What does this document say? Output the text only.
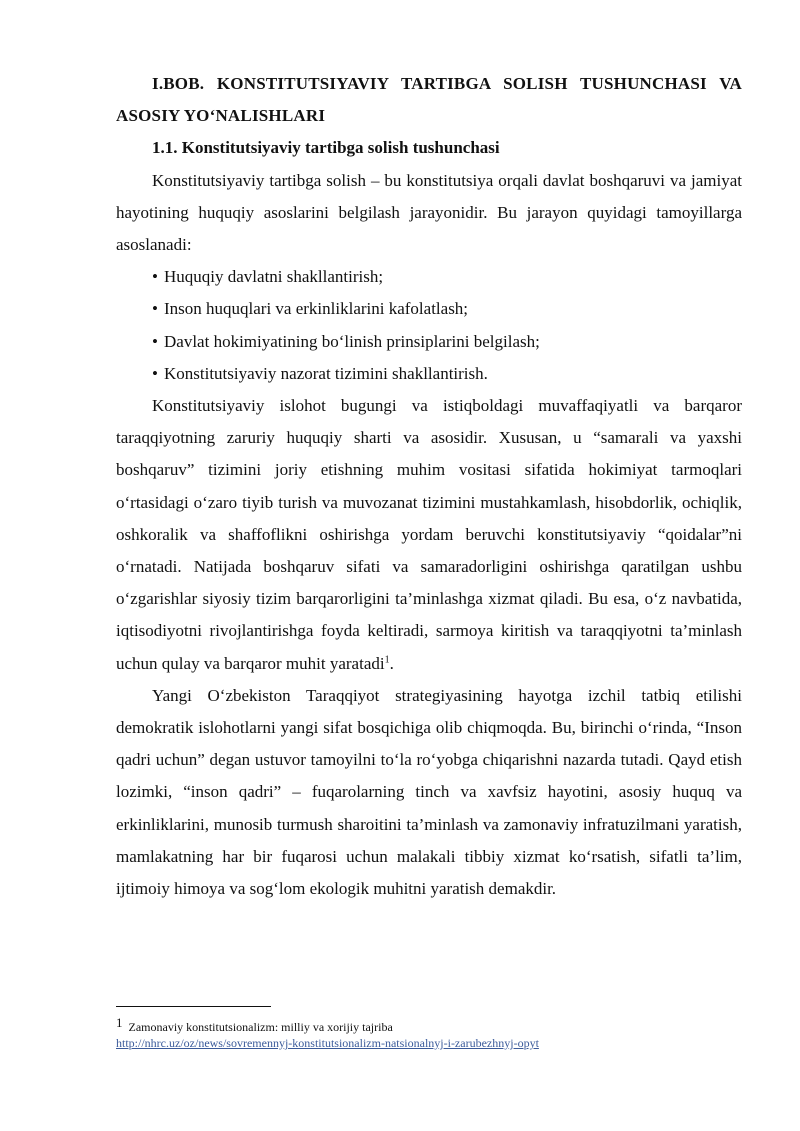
I.BOB. KONSTITUTSIYAVIY TARTIBGA SOLISH TUSHUNCHASI VA ASOSIY YO‘NALISHLARI

1.1. Konstitutsiyaviy tartibga solish tushunchasi

Konstitutsiyaviy tartibga solish – bu konstitutsiya orqali davlat boshqaruvi va jamiyat hayotining huquqiy asoslarini belgilash jarayonidir. Bu jarayon quyidagi tamoyillarga asoslanadi:

• Huquqiy davlatni shakllantirish;
• Inson huquqlari va erkinliklarini kafolatlash;
• Davlat hokimiyatining bo‘linish prinsiplarini belgilash;
• Konstitutsiyaviy nazorat tizimini shakllantirish.

Konstitutsiyaviy islohot bugungi va istiqboldagi muvaffaqiyatli va barqaror taraqqiyotning zaruriy huquqiy sharti va asosidir. Xususan, u “samarali va yaxshi boshqaruv” tizimini joriy etishning muhim vositasi sifatida hokimiyat tarmoqlari o‘rtasidagi o‘zaro tiyib turish va muvozanat tizimini mustahkamlash, hisobdorlik, ochiqlik, oshkoralik va shaffoflikni oshirishga yordam beruvchi konstitutsiyaviy “qoidalar”ni o‘rnatadi. Natijada boshqaruv sifati va samaradorligini oshirishga qaratilgan ushbu o‘zgarishlar siyosiy tizim barqarorligini ta’minlashga xizmat qiladi. Bu esa, o‘z navbatida, iqtisodiyotni rivojlantirishga foyda keltiradi, sarmoya kiritish va taraqqiyotni ta’minlash uchun qulay va barqaror muhit yaratadi$^1$.

Yangi O‘zbekiston Taraqqiyot strategiyasining hayotga izchil tatbiq etilishi demokratik islohotlarni yangi sifat bosqichiga olib chiqmoqda. Bu, birinchi o‘rinda, “Inson qadri uchun” degan ustuvor tamoyilni to‘la ro‘yobga chiqarishni nazarda tutadi. Qayd etish lozimki, “inson qadri” – fuqarolarning tinch va xavfsiz hayotini, asosiy huquq va erkinliklarini, munosib turmush sharoitini ta’minlash va zamonaviy infratuzilmani yaratish, mamlakatning har bir fuqarosi uchun malakali tibbiy xizmat ko‘rsatish, sifatli ta’lim, ijtimoiy himoya va sog‘lom ekologik muhitni yaratish demakdir.

1 Zamonaviy konstitutsionalizm: milliy va xorijiy tajriba
http://nhrc.uz/oz/news/sovremennyj-konstitutsionalizm-natsionalnyj-i-zarubezhnyj-opyt
